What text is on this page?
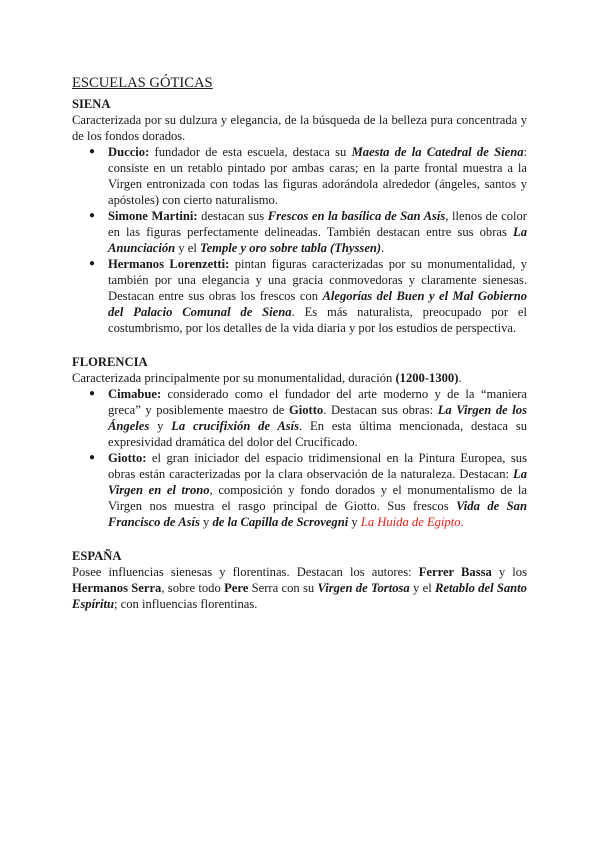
ESCUELAS GÓTICAS
SIENA

Caracterizada por su dulzura y elegancia, de la búsqueda de la belleza pura concentrada y de los fondos dorados.

● Duccio: fundador de esta escuela, destaca su Maesta de la Catedral de Siena: consiste en un retablo pintado por ambas caras; en la parte frontal muestra a la Virgen entronizada con todas las figuras adorándola alrededor (ángeles, santos y apóstoles) con cierto naturalismo.
● Simone Martini: destacan sus Frescos en la basílica de San Asís, llenos de color en las figuras perfectamente delineadas. También destacan entre sus obras La Anunciación y el Temple y oro sobre tabla (Thyssen).
● Hermanos Lorenzetti: pintan figuras caracterizadas por su monumentalidad, y también por una elegancia y una gracia conmovedoras y claramente sienesas. Destacan entre sus obras los frescos con Alegorías del Buen y el Mal Gobierno del Palacio Comunal de Siena. Es más naturalista, preocupado por el costumbrismo, por los detalles de la vida diaria y por los estudios de perspectiva.
FLORENCIA

Caracterizada principalmente por su monumentalidad, duración (1200-1300).

● Cimabue: considerado como el fundador del arte moderno y de la “maniera greca” y posiblemente maestro de Giotto. Destacan sus obras: La Virgen de los Ángeles y La crucifixión de Asís. En esta última mencionada, destaca su expresividad dramática del dolor del Crucificado.
● Giotto: el gran iniciador del espacio tridimensional en la Pintura Europea, sus obras están caracterizadas por la clara observación de la naturaleza. Destacan: La Virgen en el trono, composición y fondo dorados y el monumentalismo de la Virgen nos muestra el rasgo principal de Giotto. Sus frescos Vida de San Francisco de Asís y de la Capilla de Scrovegni y La Huida de Egipto.
ESPAÑA

Posee influencias sienesas y florentinas. Destacan los autores: Ferrer Bassa y los Hermanos Serra, sobre todo Pere Serra con su Virgen de Tortosa y el Retablo del Santo Espíritu; con influencias florentinas.
